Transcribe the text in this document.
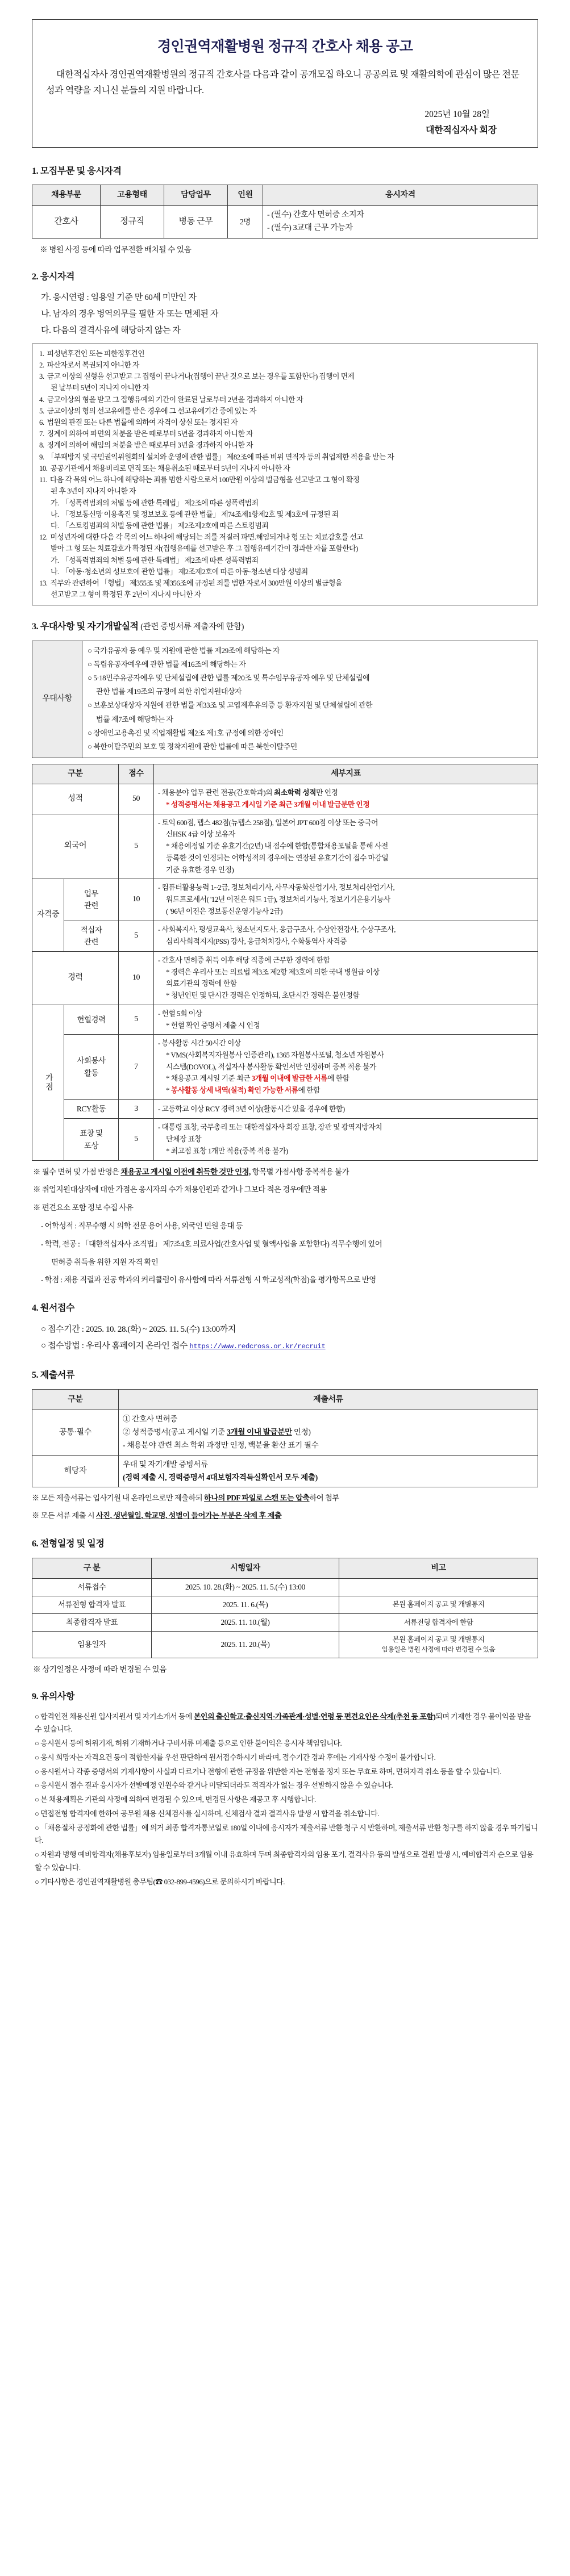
경인권역재활병원 정규직 간호사 채용 공고

대한적십자사 경인권역재활병원의 정규직 간호사를 다음과 같이 공개모집 하오니 공공의료 및 재활의학에 관심이 많은 전문성과 역량을 지니신 분들의 지원 바랍니다.

2025년 10월 28일
대한적십자사 회장
1. 모집부문 및 응시자격
채용부문	고용형태	담당업무	인원	응시자격
간호사	정규직	병동 근무	2명	- (필수) 간호사 면허증 소지자
- (필수) 3교대 근무 가능자
※ 병원 사정 등에 따라 업무전환 배치될 수 있음
2. 응시자격
가. 응시연령 : 임용일 기준 만 60세 미만인 자
나. 남자의 경우 병역의무를 필한 자 또는 면제된 자
다. 다음의 결격사유에 해당하지 않는 자
1. 피성년후견인 또는 피한정후견인
2. 파산자로서 복권되지 아니한 자
3. 금고 이상의 실형을 선고받고 그 집행이 끝나거나(집행이 끝난 것으로 보는 경우를 포함한다) 집행이 면제
된 날부터 5년이 지나지 아니한 자
4. 금고이상의 형을 받고 그 집행유예의 기간이 완료된 날로부터 2년을 경과하지 아니한 자
5. 금고이상의 형의 선고유예를 받은 경우에 그 선고유예기간 중에 있는 자
6. 법원의 판결 또는 다른 법률에 의하여 자격이 상실 또는 정지된 자
7. 징계에 의하여 파면의 처분을 받은 때로부터 5년을 경과하지 아니한 자
8. 징계에 의하여 해임의 처분을 받은 때로부터 3년을 경과하지 아니한 자
9. 「부패방지 및 국민권익위원회의 설치와 운영에 관한 법률」 제82조에 따른 비위 면직자 등의 취업제한 적용을 받는 자
10. 공공기관에서 채용비리로 면직 또는 채용취소된 때로부터 5년이 지나지 아니한 자
11. 다음 각 목의 어느 하나에 해당하는 죄를 범한 사람으로서 100만원 이상의 벌금형을 선고받고 그 형이 확정
된 후 3년이 지나지 아니한 자
가. 「성폭력범죄의 처벌 등에 관한 특례법」 제2조에 따른 성폭력범죄
나. 「정보통신망 이용촉진 및 정보보호 등에 관한 법률」 제74조제1항제2호 및 제3호에 규정된 죄
다. 「스토킹범죄의 처벌 등에 관한 법률」 제2조제2호에 따른 스토킹범죄
12. 미성년자에 대한 다음 각 목의 어느 하나에 해당되는 죄를 저질러 파면.해임되거나 형 또는 치료감호를 선고
받아 그 형 또는 치료감호가 확정된 자(집행유예를 선고받은 후 그 집행유예기간이 경과한 자를 포함한다)
가. 「성폭력범죄의 처벌 등에 관한 특례법」 제2조에 따른 성폭력범죄
나. 「아동·청소년의 성보호에 관한 법률」 제2조제2호에 따른 아동·청소년 대상 성범죄
13. 직무와 관련하여 「형법」 제355조 및 제356조에 규정된 죄를 범한 자로서 300만원 이상의 벌금형을
선고받고 그 형이 확정된 후 2년이 지나지 아니한 자
3. 우대사항 및 자기개발실적 (관련 증빙서류 제출자에 한함)
우대사항	
○ 국가유공자 등 예우 및 지원에 관한 법률 제29조에 해당하는 자
○ 독립유공자예우에 관한 법률 제16조에 해당하는 자
○ 5·18민주유공자예우 및 단체설립에 관한 법률 제20조 및 특수임무유공자 예우 및 단체설립에
관한 법률 제19조의 규정에 의한 취업지원대상자
○ 보훈보상대상자 지원에 관한 법률 제33조 및 고엽제후유의증 등 환자지원 및 단체설립에 관한
법률 제7조에 해당하는 자
○ 장애인고용촉진 및 직업재활법 제2조 제1호 규정에 의한 장애인
○ 북한이탈주민의 보호 및 정착지원에 관한 법률에 따른 북한이탈주민
구분		점수	세부지표
성적		50	- 채용분야 업무 관련 전공(간호학과)의 최소학력 성적만 인정
* 성적증명서는 채용공고 게시일 기준 최근 3개월 이내 발급분만 인정

외국어		5	- 토익 600점, 텝스 482점(뉴텝스 258점), 일본어 JPT 600점 이상 또는 중국어
신HSK 4급 이상 보유자
* 채용예정일 기준 유효기간(2년) 내 점수에 한함(통합채용포털을 통해 사전
등록한 것이 인정되는 어학성적의 경우에는 연장된 유효기간이 접수 마감일
기준 유효한 경우 인정)

자격증	
업무
관련
	10	
- 컴퓨터활용능력 1~2급, 정보처리기사, 사무자동화산업기사, 정보처리산업기사,
워드프로세서( '12년 이전은 워드 1급), 정보처리기능사, 정보기기운용기능사
( '96년 이전은 정보통신운영기능사 2급)

적십자
관련
	5	
- 사회복지사, 평생교육사, 청소년지도사, 응급구조사, 수상안전강사, 수상구조사,
심리사회적지지(PSS) 강사, 응급처치강사, 수화통역사 자격증

경력		10	- 간호사 면허증 취득 이후 해당 직종에 근무한 경력에 한함
* 경력은 우리사 또는 의료법 제3조 제2항 제3호에 의한 국내 병원급 이상
의료기관의 경력에 한함
* 청년인턴 및 단시간 경력은 인정하되, 초단시간 경력은 불인정함

가점	헌혈경력	5	- 헌혈 5회 이상
* 헌혈 확인 증명서 제출 시 인정

사회봉사
활동
	7	
- 봉사활동 시간 50시간 이상
* VMS(사회복지자원봉사 인증관리), 1365 자원봉사포털, 청소년 자원봉사
시스템(DOVOL), 적십자사 봉사활동 확인서만 인정하며 중복 적용 불가
* 채용공고 게시일 기준 최근 3개월 이내에 발급한 서류에 한함
* 봉사활동 상세 내역(실적) 확인 가능한 서류에 한함

	RCY활동	3	- 고등학교 이상 RCY 경력 3년 이상(활동시간 있을 경우에 한함)

표창 및
포상
	5	
- 대통령 표창, 국무총리 또는 대한적십자사 회장 표창, 장관 및 광역지방자치
단체장 표창
* 최고점 표창 1개만 적용(중복 적용 불가)
※ 필수 면허 및 가점 반영은 채용공고 게시일 이전에 취득한 것만 인정, 항목별 가점사항 중복적용 불가
※ 취업지원대상자에 대한 가점은 응시자의 수가 채용인원과 같거나 그보다 적은 경우에만 적용
※ 편견요소 포함 정보 수집 사유
- 어학성적 : 직무수행 시 의학 전문 용어 사용, 외국인 민원 응대 등
- 학력, 전공 : 「대한적십자사 조직법」 제7조4호 의료사업(간호사업 및 혈액사업을 포함한다) 직무수행에 있어
면허증 취득을 위한 지원 자격 확인
- 학점 : 채용 직렬과 전공 학과의 커리큘럼이 유사함에 따라 서류전형 시 학교성적(학점)을 평가항목으로 반영
4. 원서접수
○ 접수기간 : 2025. 10. 28.(화) ~ 2025. 11. 5.(수) 13:00까지
○ 접수방법 : 우리사 홈페이지 온라인 접수 https://www.redcross.or.kr/recruit
5. 제출서류
구분	제출서류
공통·필수	① 간호사 면허증
② 성적증명서(공고 게시일 기준 3개월 이내 발급분만 인정)
- 채용분야 관련 최소 학위 과정만 인정, 백분율 환산 표기 필수

해당자	우대 및 자기개발 증빙서류
(경력 제출 시, 경력증명서 4대보험자격득실확인서 모두 제출)
※ 모든 제출서류는 입사기원 내 온라인으로만 제출하되 하나의 PDF 파일로 스캔 또는 압축하여 첨부
※ 모든 서류 제출 시 사진, 생년월일, 학교명, 성별이 들어가는 부분은 삭제 후 제출
6. 전형일정 및 일정
구 분	시행일자	비고
서류접수	2025. 10. 28.(화) ~ 2025. 11. 5.(수) 13:00	
서류전형 합격자 발표	2025. 11. 6.(목)	본원 홈페이지 공고 및 개별통지
최종합격자 발표	2025. 11. 10.(월)	서류전형 합격자에 한함
임용일자	2025. 11. 20.(목)	본원 홈페이지 공고 및 개별통지
임용일은 병원 사정에 따라 변경될 수 있음
※ 상기일정은 사정에 따라 변경될 수 있음
9. 유의사항
○ 합격인전 채용신원 입사지원서 및 자기소개서 등에 본인의 출신학교·출신지역·가족관계·성별·연령 등 편견요인은 삭제(추천 등 포함)되며 기재한 경우 불이익을 받을 수 있습니다.
○ 응시원서 등에 허위기재, 허위 기재하거나 구비서류 미제출 등으로 인한 불이익은 응시자 책임입니다.
○ 응시 희망자는 자격요건 등이 적합한지를 우선 판단하여 원서접수하시기 바라며, 접수기간 경과 후에는 기재사항 수정이 불가합니다.
○ 응시원서나 각종 증명서의 기재사항이 사실과 다르거나 전형에 관한 규정을 위반한 자는 전형을 정지 또는 무효로 하며, 면허자격 취소 등을 할 수 있습니다.
○ 응시원서 접수 결과 응시자가 선발예정 인원수와 같거나 미달되더라도 적격자가 없는 경우 선발하지 않을 수 있습니다.
○ 본 채용계획은 기관의 사정에 의하여 변경될 수 있으며, 변경된 사항은 재공고 후 시행합니다.
○ 면접전형 합격자에 한하여 공무원 채용 신체검사를 실시하며, 신체검사 결과 결격사유 발생 시 합격을 취소합니다.
○ 「채용절차 공정화에 관한 법률」에 의거 최종 합격자통보일로 180일 이내에 응시자가 제출서류 반환 청구 시 반환하며, 제출서류 반환 청구를 하지 않을 경우 파기됩니다.
○ 자원과 병행 예비합격자(채용후보자) 임용일로부터 3개월 이내 유효하며 두며 최종합격자의 임용 포기, 결격사유 등의 발생으로 결원 발생 시, 예비합격자 순으로 임용할 수 있습니다.
○ 기타사항은 경인권역재활병원 총무팀(☎ 032-899-4596)으로 문의하시기 바랍니다.
